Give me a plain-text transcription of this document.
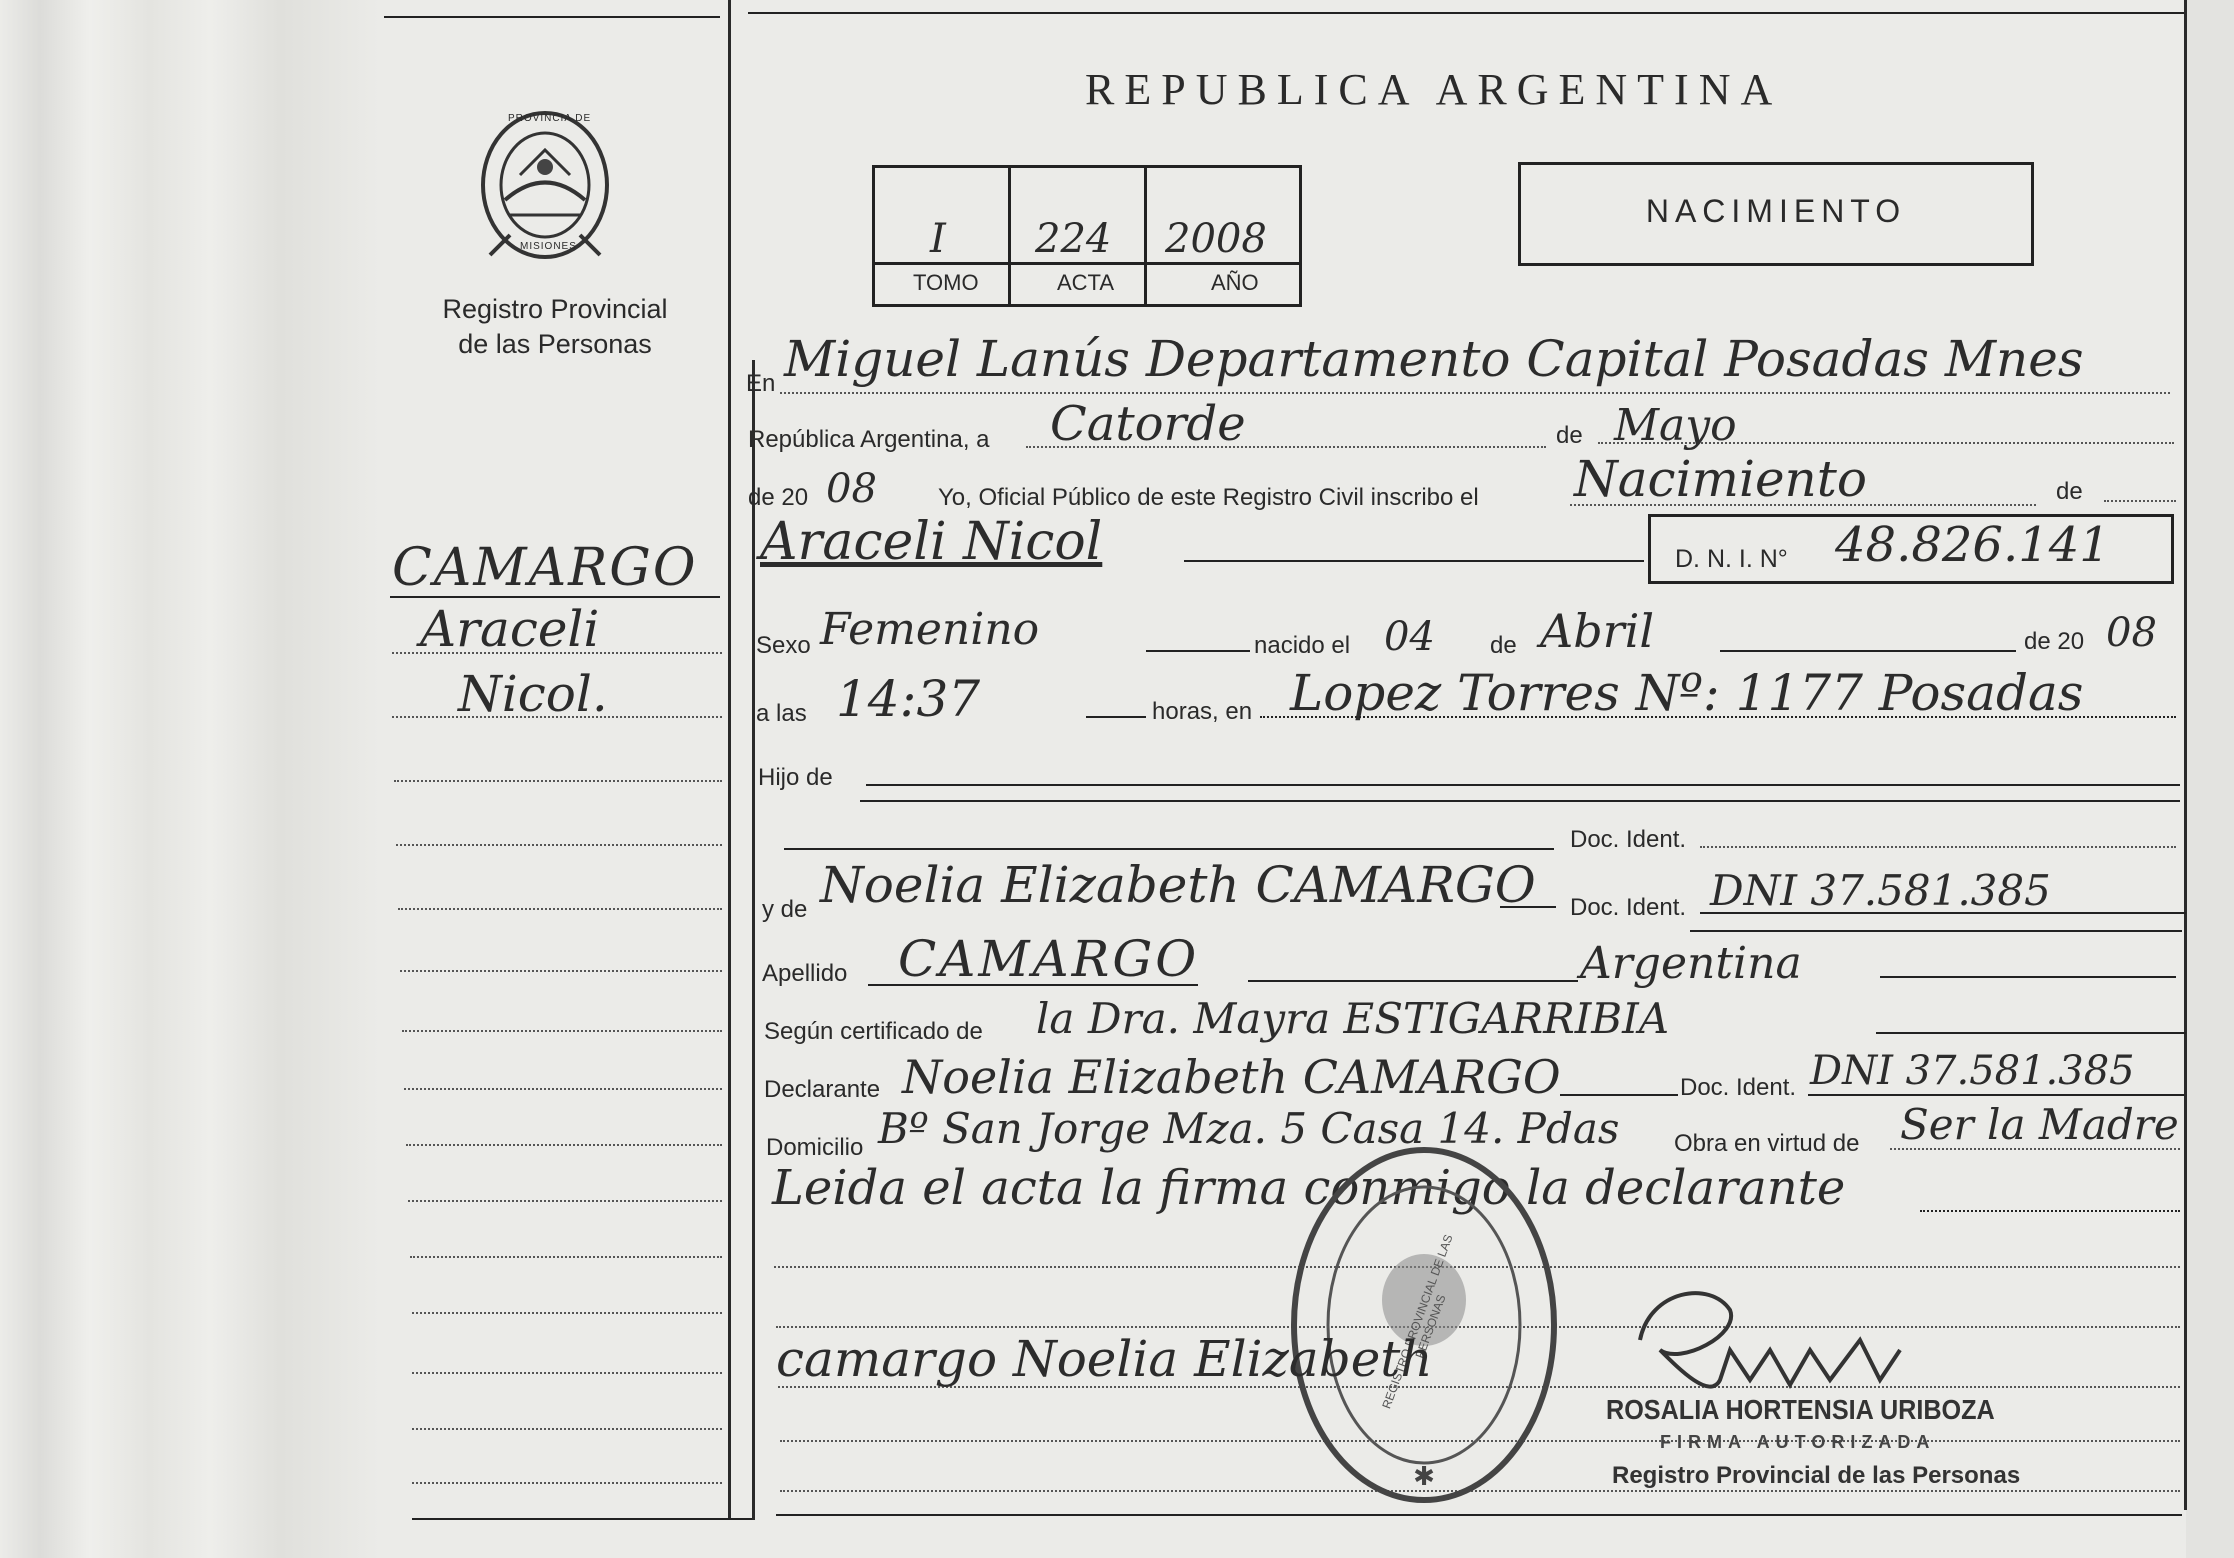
PROVINCIA DE
MISIONES
Registro Provincial
de las Personas
REPUBLICA ARGENTINA
I 224 2008
TOMO	ACTA	AÑO
NACIMIENTO
CAMARGO
Araceli
Nicol.
En Miguel Lanús Departamento Capital Posadas Mnes
República Argentina, a Catorde	de Mayo
de 20 08	Yo, Oficial Público de este Registro Civil inscribo el Nacimiento	de
Araceli Nicol	D. N. I. N° 48.826.141
Sexo Femenino	nacido el 04 de Abril	de 20 08
a las 14:37	horas, en Lopez Torres Nº: 1177 Posadas
Hijo de
Doc. Ident.
y de Noelia Elizabeth CAMARGO Doc. Ident. DNI 37.581.385
Apellido CAMARGO	Argentina
Según certificado de la Dra. Mayra ESTIGARRIBIA
Declarante Noelia Elizabeth CAMARGO	Doc. Ident. DNI 37.581.385
Domicilio Bº San Jorge Mza. 5 Casa 14. Pdas Obra en virtud de Ser la Madre
Leida el acta la firma conmigo la declarante
✱
REGISTRO PROVINCIAL DE LAS PERSONAS
camargo Noelia Elizabeth
ROSALIA HORTENSIA URIBOZA
FIRMA AUTORIZADA
Registro Provincial de las Personas
